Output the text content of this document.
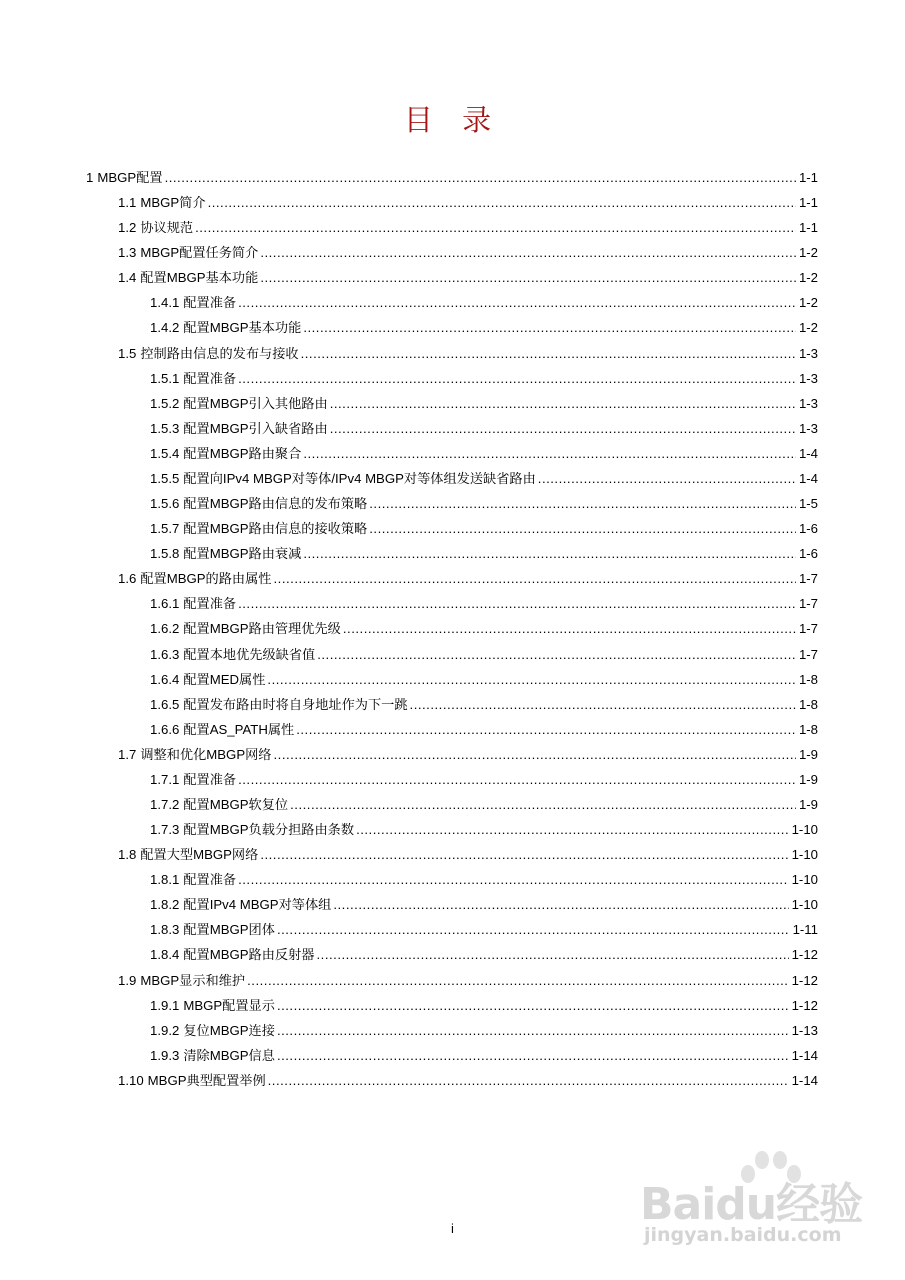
目 录
1 MBGP配置 .....	1-1
1.1 MBGP简介 .....	1-1
1.2 协议规范 .....	1-1
1.3 MBGP配置任务简介 .....	1-2
1.4 配置MBGP基本功能 .....	1-2
1.4.1 配置准备 .....	1-2
1.4.2 配置MBGP基本功能 .....	1-2
1.5 控制路由信息的发布与接收 .....	1-3
1.5.1 配置准备 .....	1-3
1.5.2 配置MBGP引入其他路由 .....	1-3
1.5.3 配置MBGP引入缺省路由 .....	1-3
1.5.4 配置MBGP路由聚合 .....	1-4
1.5.5 配置向IPv4 MBGP对等体/IPv4 MBGP对等体组发送缺省路由 .....	1-4
1.5.6 配置MBGP路由信息的发布策略 .....	1-5
1.5.7 配置MBGP路由信息的接收策略 .....	1-6
1.5.8 配置MBGP路由衰减 .....	1-6
1.6 配置MBGP的路由属性 .....	1-7
1.6.1 配置准备 .....	1-7
1.6.2 配置MBGP路由管理优先级 .....	1-7
1.6.3 配置本地优先级缺省值 .....	1-7
1.6.4 配置MED属性 .....	1-8
1.6.5 配置发布路由时将自身地址作为下一跳 .....	1-8
1.6.6 配置AS_PATH属性 .....	1-8
1.7 调整和优化MBGP网络 .....	1-9
1.7.1 配置准备 .....	1-9
1.7.2 配置MBGP软复位 .....	1-9
1.7.3 配置MBGP负载分担路由条数 .....	1-10
1.8 配置大型MBGP网络 .....	1-10
1.8.1 配置准备 .....	1-10
1.8.2 配置IPv4 MBGP对等体组 .....	1-10
1.8.3 配置MBGP团体 .....	1-11
1.8.4 配置MBGP路由反射器 .....	1-12
1.9 MBGP显示和维护 .....	1-12
1.9.1 MBGP配置显示 .....	1-12
1.9.2 复位MBGP连接 .....	1-13
1.9.3 清除MBGP信息 .....	1-14
1.10 MBGP典型配置举例 .....	1-14
Baidu经验
jingyan.baidu.com
i
